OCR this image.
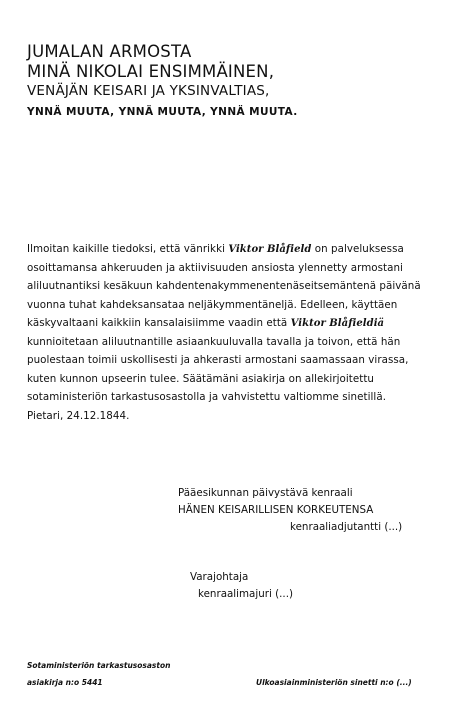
JUMALAN ARMOSTA
MINÄ NIKOLAI ENSIMMÄINEN,
VENÄJÄN KEISARI JA YKSINVALTIAS,
YNNÄ MUUTA, YNNÄ MUUTA, YNNÄ MUUTA.
Ilmoitan kaikille tiedoksi, että vänrikki Viktor Blåfield on palveluksessa
osoittamansa ahkeruuden ja aktiivisuuden ansiosta ylennetty armostani
aliluutnantiksi kesäkuun kahdentenakymmenentenäseitsemäntenä päivänä
vuonna tuhat kahdeksansataa neljäkymmentäneljä. Edelleen, käyttäen
käskyvaltaani kaikkiin kansalaisiimme vaadin että Viktor Blåfieldiä
kunnioitetaan aliluutnantille asiaankuuluvalla tavalla ja toivon, että hän
puolestaan toimii uskollisesti ja ahkerasti armostani saamassaan virassa,
kuten kunnon upseerin tulee. Säätämäni asiakirja on allekirjoitettu
sotaministeriön tarkastusosastolla ja vahvistettu valtiomme sinetillä.
Pietari, 24.12.1844.
Pääesikunnan päivystävä kenraali
HÄNEN KEISARILLISEN KORKEUTENSA
kenraaliadjutantti (...)
Varajohtaja
kenraalimajuri (...)
Sotaministeriön tarkastusosaston
asiakirja n:o 5441	Ulkoasiainministeriön sinetti n:o (...)
